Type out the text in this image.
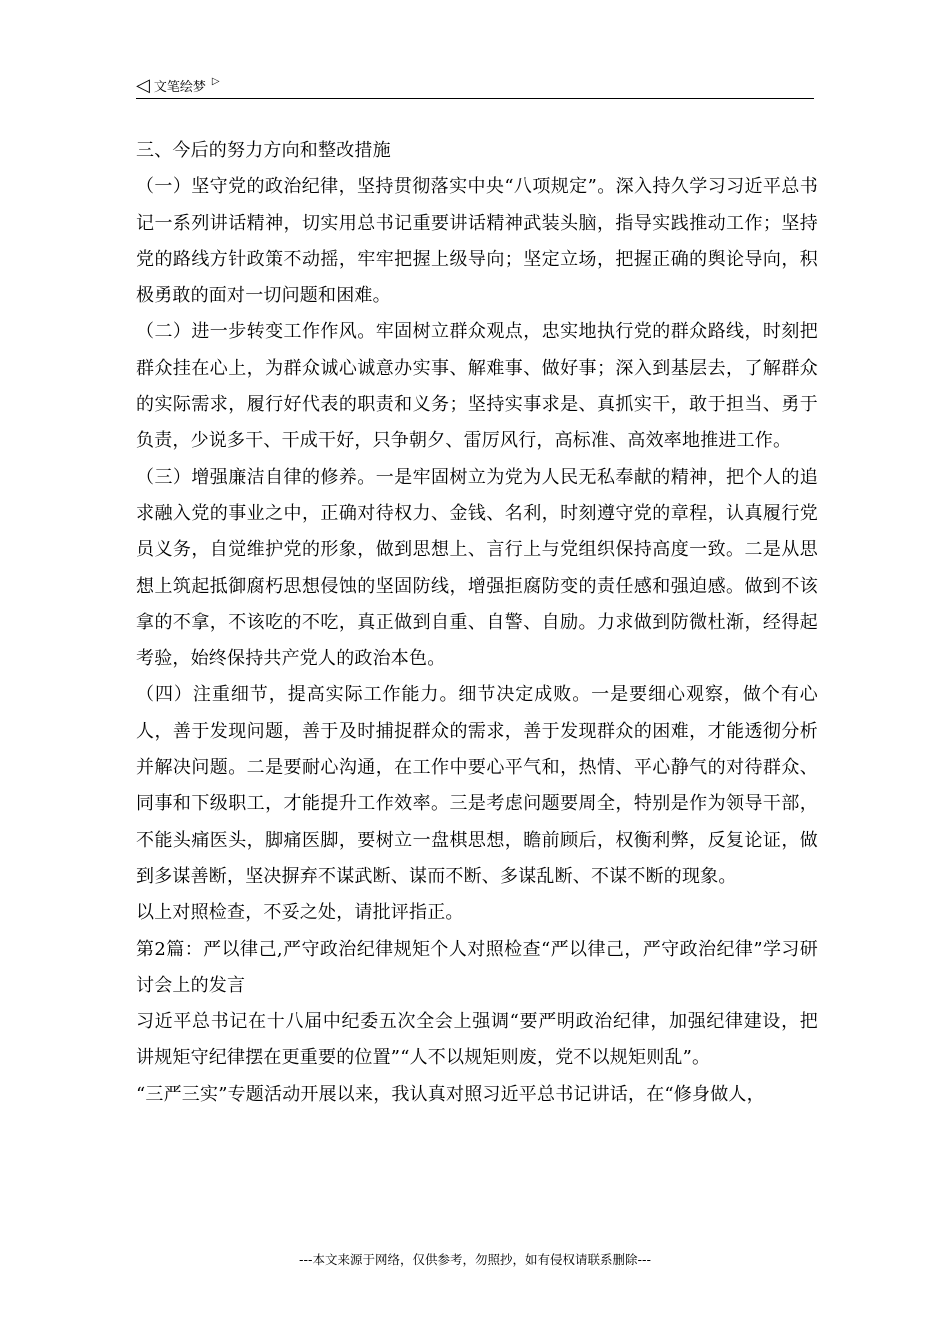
◁ 文笔绘梦 ▷

三、今后的努力方向和整改措施

（一）坚守党的政治纪律，坚持贯彻落实中央“八项规定”。深入持久学习习近平总书记一系列讲话精神，切实用总书记重要讲话精神武装头脑，指导实践推动工作；坚持党的路线方针政策不动摇，牢牢把握上级导向；坚定立场，把握正确的舆论导向，积极勇敢的面对一切问题和困难。

（二）进一步转变工作作风。牢固树立群众观点，忠实地执行党的群众路线，时刻把群众挂在心上，为群众诚心诚意办实事、解难事、做好事；深入到基层去，了解群众的实际需求，履行好代表的职责和义务；坚持实事求是、真抓实干，敢于担当、勇于负责，少说多干、干成干好，只争朝夕、雷厉风行，高标准、高效率地推进工作。

（三）增强廉洁自律的修养。一是牢固树立为党为人民无私奉献的精神，把个人的追求融入党的事业之中，正确对待权力、金钱、名利，时刻遵守党的章程，认真履行党员义务，自觉维护党的形象，做到思想上、言行上与党组织保持高度一致。二是从思想上筑起抵御腐朽思想侵蚀的坚固防线，增强拒腐防变的责任感和强迫感。做到不该拿的不拿，不该吃的不吃，真正做到自重、自警、自励。力求做到防微杜渐，经得起考验，始终保持共产党人的政治本色。

（四）注重细节，提高实际工作能力。细节决定成败。一是要细心观察，做个有心人，善于发现问题，善于及时捕捉群众的需求，善于发现群众的困难，才能透彻分析并解决问题。二是要耐心沟通，在工作中要心平气和，热情、平心静气的对待群众、同事和下级职工，才能提升工作效率。三是考虑问题要周全，特别是作为领导干部，不能头痛医头，脚痛医脚，要树立一盘棋思想，瞻前顾后，权衡利弊，反复论证，做到多谋善断，坚决摒弃不谋武断、谋而不断、多谋乱断、不谋不断的现象。

以上对照检查，不妥之处，请批评指正。

第2篇：严以律己,严守政治纪律规矩个人对照检查“严以律己，严守政治纪律”学习研讨会上的发言

习近平总书记在十八届中纪委五次全会上强调“要严明政治纪律，加强纪律建设，把讲规矩守纪律摆在更重要的位置”“人不以规矩则废，党不以规矩则乱”。

“三严三实”专题活动开展以来，我认真对照习近平总书记讲话，在“修身做人，

---本文来源于网络，仅供参考，勿照抄，如有侵权请联系删除---
